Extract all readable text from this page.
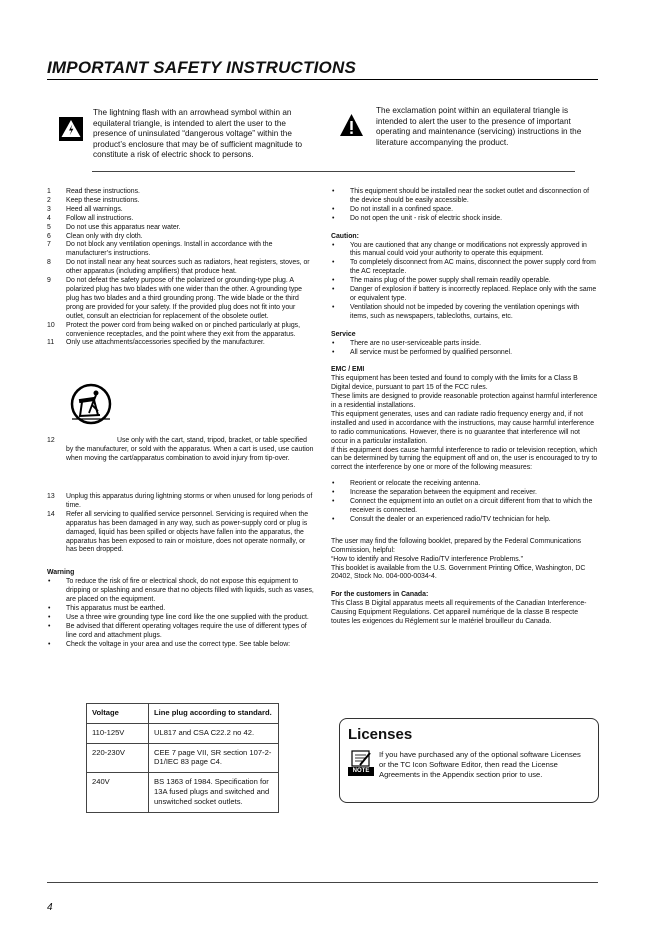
IMPORTANT SAFETY INSTRUCTIONS
The lightning flash with an arrowhead symbol within an equilateral triangle, is intended to alert the user to the presence of uninsulated “dangerous voltage” within the product’s enclosure that may be of sufficient magnitude to constitute a risk of electric shock to persons.
The exclamation point within an equilateral triangle is intended to alert the user to the presence of important operating and maintenance (servicing) instructions in the literature accompanying the product.
1	Read these instructions.
2	Keep these instructions.
3	Heed all warnings.
4	Follow all instructions.
5	Do not use this apparatus near water.
6	Clean only with dry cloth.
7	Do not block any ventilation openings. Install in accordance with the manufacturer’s instructions.
8	Do not install near any heat sources such as radiators, heat registers, stoves, or other apparatus (including amplifiers) that produce heat.
9	Do not defeat the safety purpose of the polarized or grounding-type plug. A polarized plug has two blades with one wider than the other. A grounding type plug has two blades and a third grounding prong. The wide blade or the third prong are provided for your safety. If the provided plug does not fit into your outlet, consult an electrician for replacement of the obsolete outlet.
10	Protect the power cord from being walked on or pinched particularly at plugs, convenience receptacles, and the point where they exit from the apparatus.
11	Only use attachments/accessories specified by the manufacturer.
12	Use only with the cart, stand, tripod, bracket, or table specified by the manufacturer, or sold with the apparatus. When a cart is used, use caution when moving the cart/apparatus combination to avoid injury from tip-over.
13	Unplug this apparatus during lightning storms or when unused for long periods of time.
14	Refer all servicing to qualified service personnel. Servicing is required when the apparatus has been damaged in any way, such as power-supply cord or plug is damaged, liquid has been spilled or objects have fallen into the apparatus, the apparatus has been exposed to rain or moisture, does not operate normally, or has been dropped.
Warning
•	To reduce the risk of fire or electrical shock, do not expose this equipment to dripping or splashing and ensure that no objects filled with liquids, such as vases, are placed on the equipment.
•	This apparatus must be earthed.
•	Use a three wire grounding type line cord like the one supplied with the product.
•	Be advised that different operating voltages require the use of different types of line cord and attachment plugs.
•	Check the voltage in your area and use the correct type. See table below:
Voltage	Line plug according to standard.
110-125V	UL817 and CSA C22.2 no 42.
220-230V	CEE 7 page VII, SR section 107-2-D1/IEC 83 page C4.
240V	BS 1363 of 1984. Specification for 13A fused plugs and switched and unswitched socket outlets.
•	This equipment should be installed near the socket outlet and disconnection of the device should be easily accessible.
•	Do not install in a confined space.
•	Do not open the unit - risk of electric shock inside.
Caution:
•	You are cautioned that any change or modifications not expressly approved in this manual could void your authority to operate this equipment.
•	To completely disconnect from AC mains, disconnect the power supply cord from the AC receptacle.
•	The mains plug of the power supply shall remain readily operable.
•	Danger of explosion if battery is incorrectly replaced. Replace only with the same or equivalent type.
•	Ventilation should not be impeded by covering the ventilation openings with items, such as newspapers, tablecloths, curtains, etc.
Service
•	There are no user-serviceable parts inside.
•	All service must be performed by qualified personnel.
EMC / EMI
This equipment has been tested and found to comply with the limits for a Class B Digital device, pursuant to part 15 of the FCC rules.
These limits are designed to provide reasonable protection against harmful interference in a residential installations.
This equipment generates, uses and can radiate radio frequency energy and, if not installed and used in accordance with the instructions, may cause harmful interference to radio communications. However, there is no guarantee that interference will not occur in a particular installation.
If this equipment does cause harmful interference to radio or television reception, which can be determined by turning the equipment off and on, the user is encouraged to try to correct the interference by one or more of the following measures:
•	Reorient or relocate the receiving antenna.
•	Increase the separation between the equipment and receiver.
•	Connect the equipment into an outlet on a circuit different from that to which the receiver is connected.
•	Consult the dealer or an experienced radio/TV technician for help.
The user may find the following booklet, prepared by the Federal Communications Commission, helpful:
“How to identify and Resolve Radio/TV interference Problems.”
This booklet is available from the U.S. Government Printing Office, Washington, DC 20402, Stock No. 004-000-0034-4.
For the customers in Canada:
This Class B Digital apparatus meets all requirements of the Canadian Interference-Causing Equipment Regulations. Cet appareil numérique de la classe B respecte toutes les exigences du Réglement sur le matériel brouilleur du Canada.
Licenses
NOTE
If you have purchased any of the optional software Licenses or the TC Icon Software Editor, then read the License Agreements in the Appendix section prior to use.
4
